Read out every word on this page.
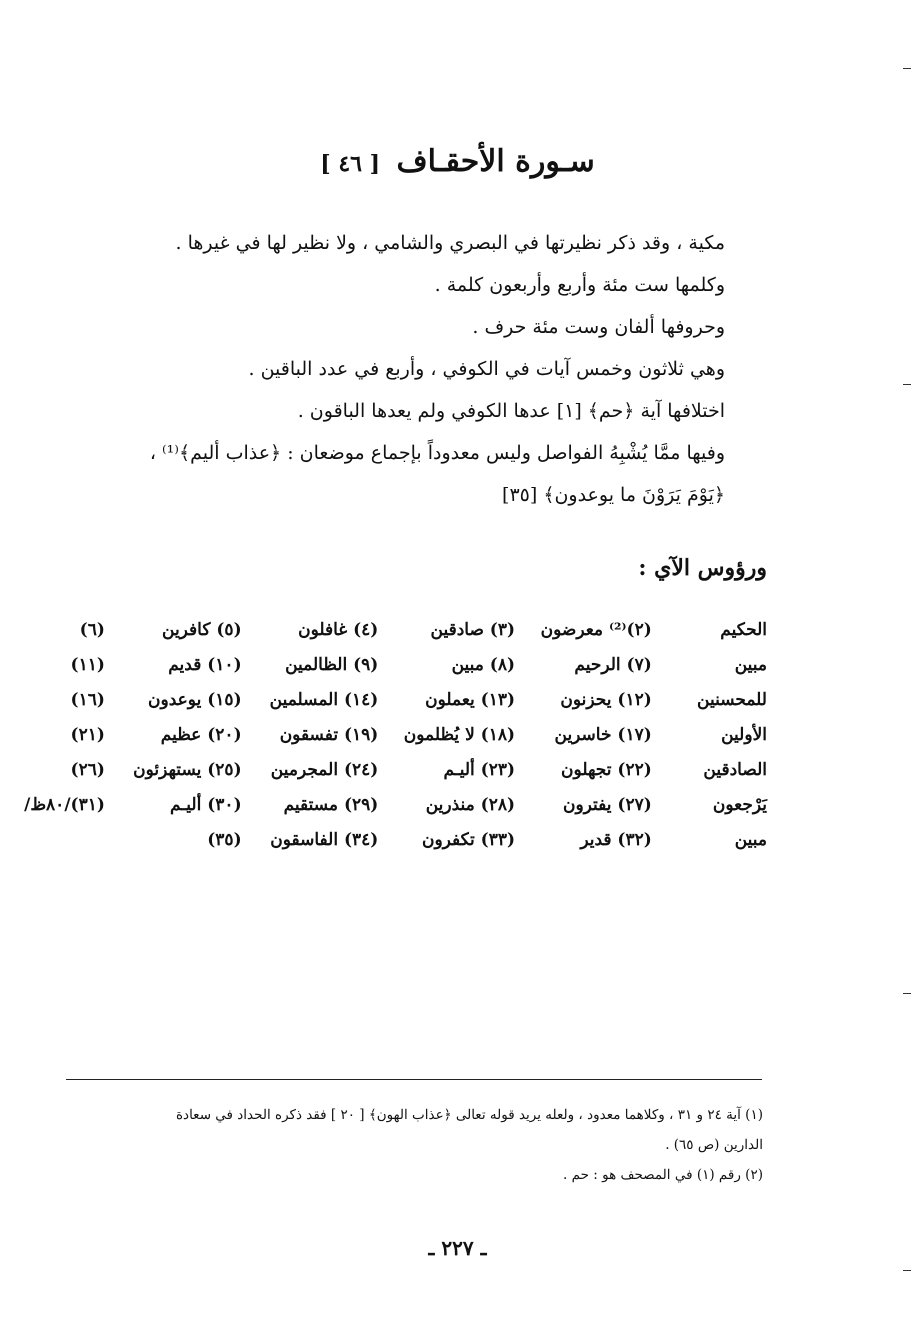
سـورة الأحقـاف [ ٤٦ ]
مكية ، وقد ذكر نظيرتها في البصري والشامي ، ولا نظير لها في غيرها .
وكلمها ست مئة وأربع وأربعون كلمة .
وحروفها ألفان وست مئة حرف .
وهي ثلاثون وخمس آيات في الكوفي ، وأربع في عدد الباقين .
اختلافها آية ﴿حم﴾ [١] عدها الكوفي ولم يعدها الباقون .
وفيها ممَّا يُشْبِهُ الفواصل وليس معدوداً بإجماع موضعان : ﴿عذاب أليم﴾⁽¹⁾ ،
﴿يَوْمَ يَرَوْنَ ما يوعدون﴾ [٣٥]
ورؤوس الآي :
الحكيم
(٢)⁽²⁾ معرضون
(٣) صادقين
(٤) غافلون
(٥) كافرين
(٦)
مبين
(٧) الرحيم
(٨) مبين
(٩) الظالمين
(١٠) قديم
(١١)
للمحسنين
(١٢) يحزنون
(١٣) يعملون
(١٤) المسلمين
(١٥) يوعدون
(١٦)
الأولين
(١٧) خاسرين
(١٨) لا يُظلمون
(١٩) تفسقون
(٢٠) عظيم
(٢١)
الصادقين
(٢٢) تجهلون
(٢٣) أليـم
(٢٤) المجرمين
(٢٥) يستهزئون
(٢٦)
يَرْجعون
(٢٧) يفترون
(٢٨) منذرين
(٢٩) مستقيم
(٣٠) أليـم
(٣١)/٨٠ظ/
مبين
(٣٢) قدير
(٣٣) تكفرون
(٣٤) الفاسقون
(٣٥)

(١) آية ٢٤ و ٣١ ، وكلاهما معدود ، ولعله يريد قوله تعالى ﴿عذاب الهون﴾ [ ٢٠ ] فقد ذكره الحداد في سعادة

الدارين (ص ٦٥) .

(٢) رقم (١) في المصحف هو : حم .

ـ ٢٢٧ ـ
